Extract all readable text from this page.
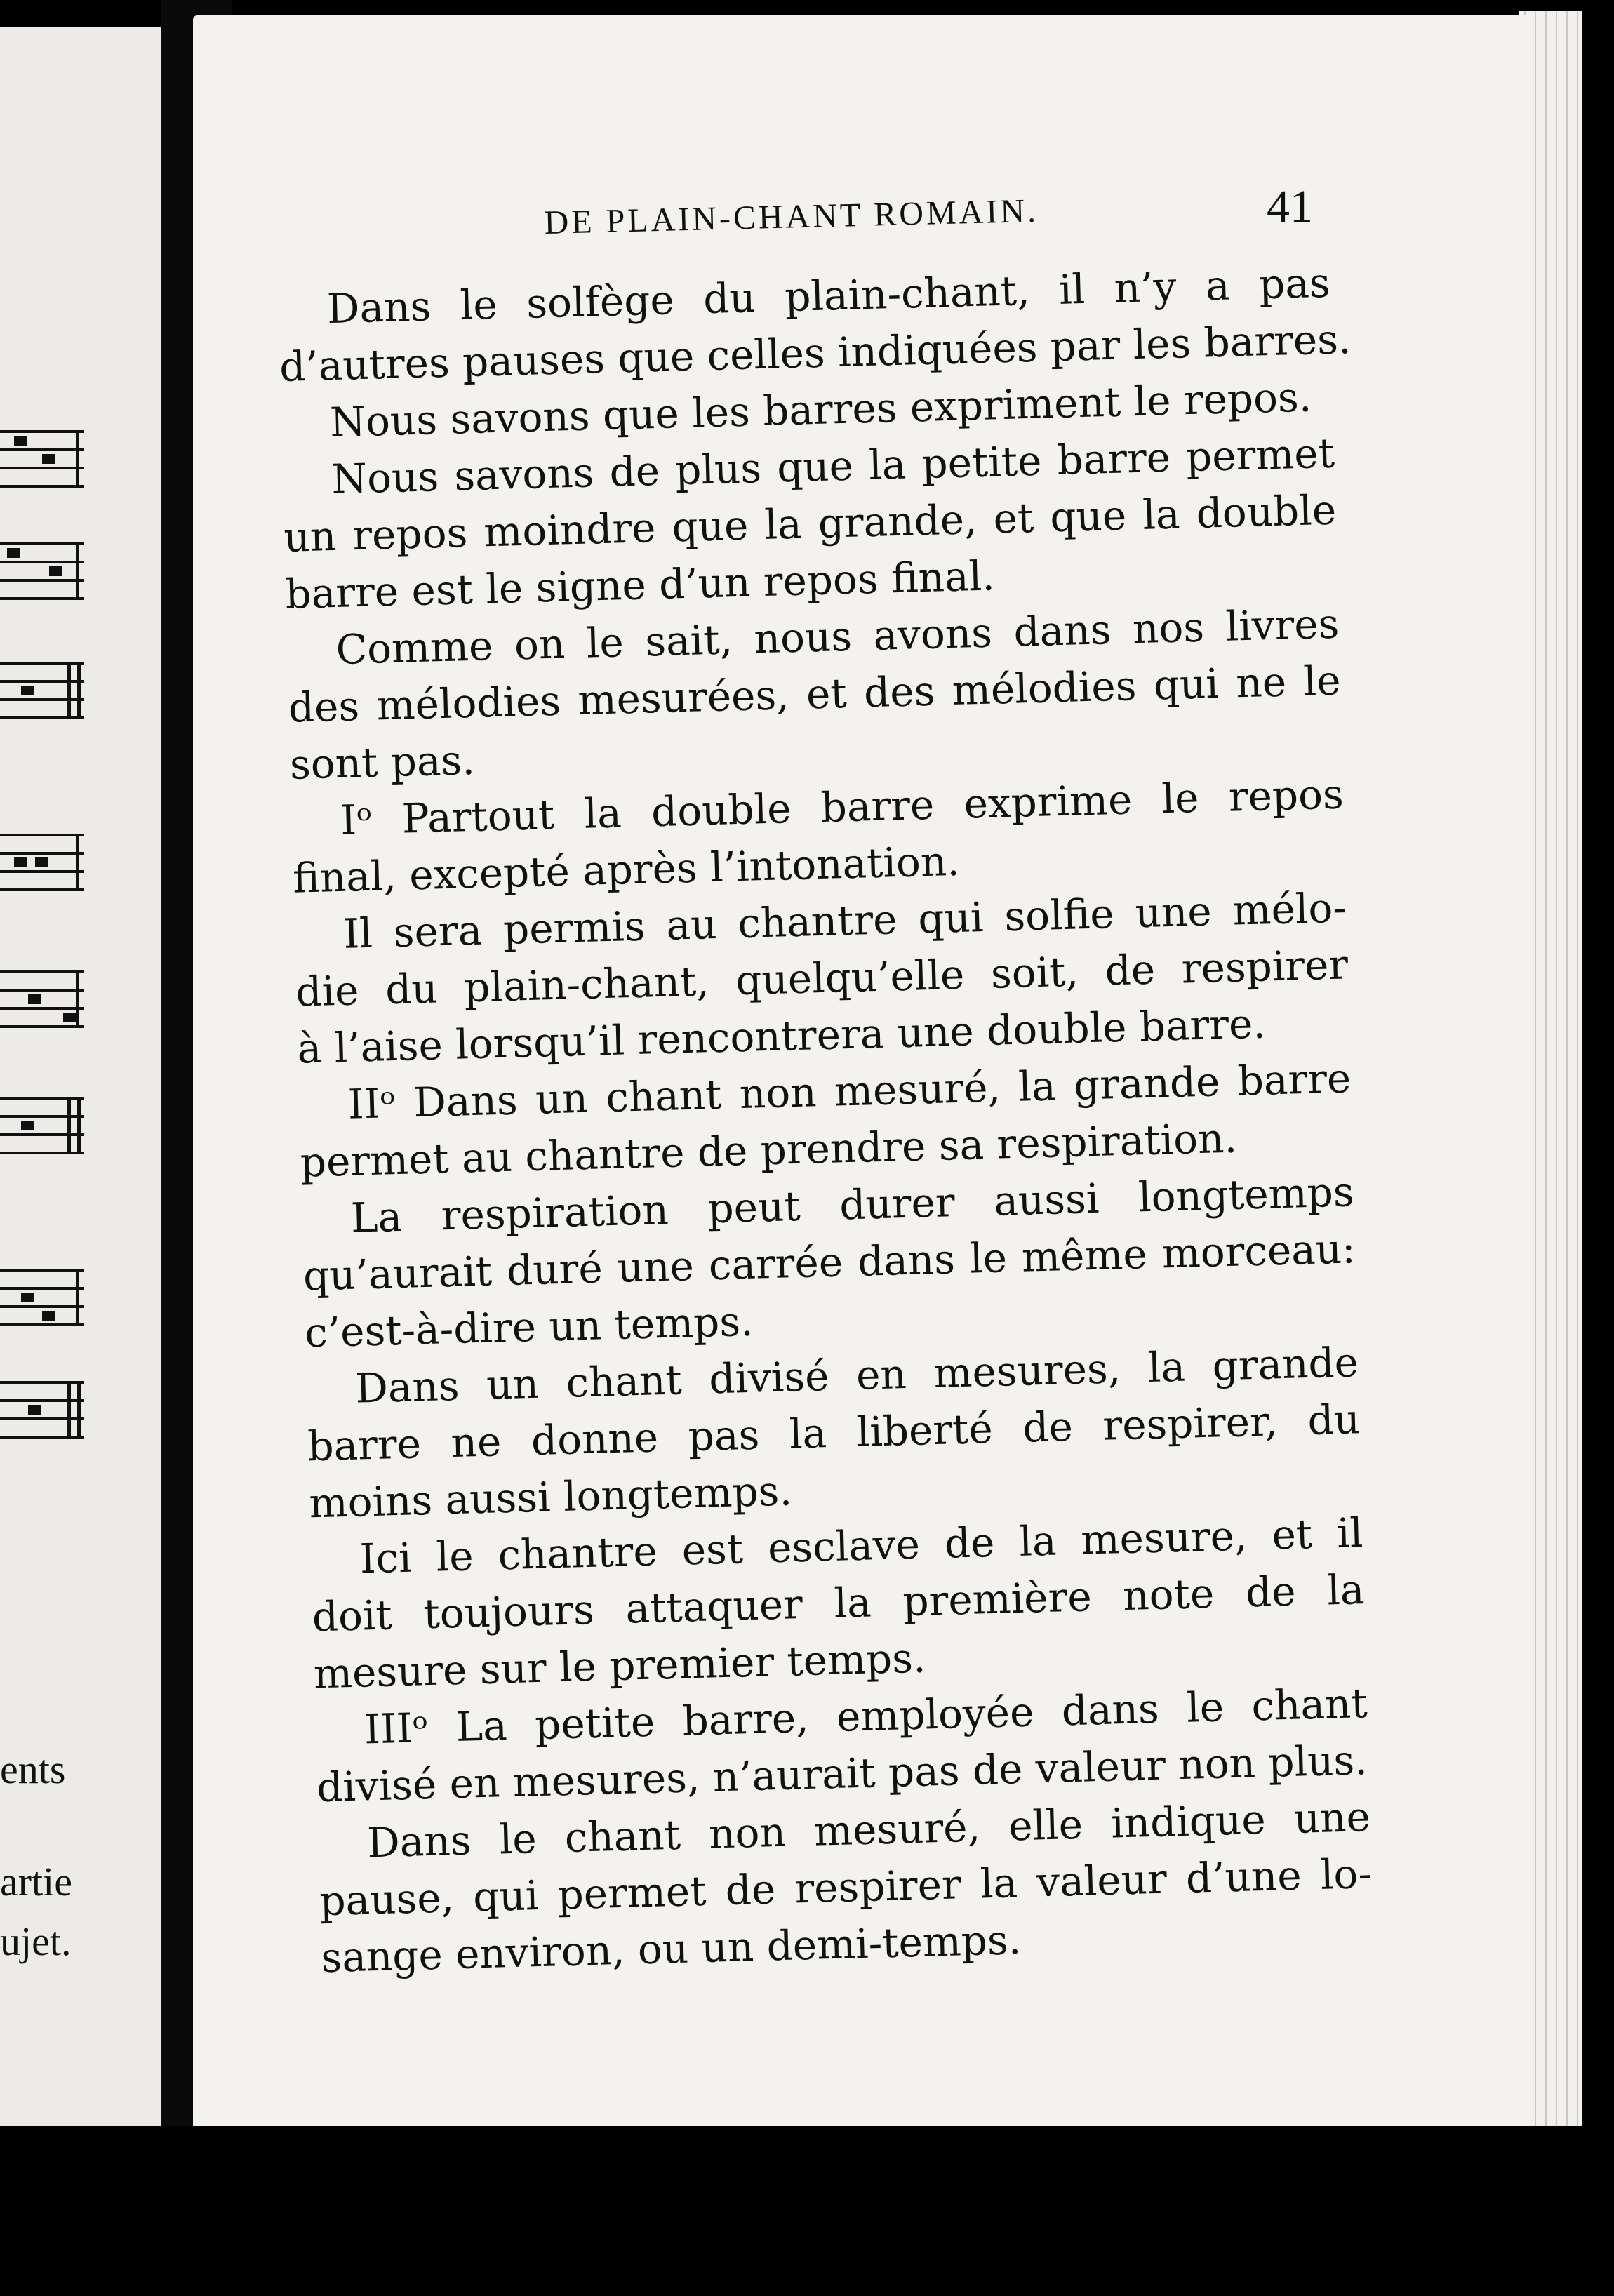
ents
artie
ujet.
DE PLAIN-CHANT ROMAIN.	41
Dans le solfège du plain-chant, il n’y a pas
d’autres pauses que celles indiquées par les barres.
Nous savons que les barres expriment le repos.
Nous savons de plus que la petite barre permet
un repos moindre que la grande, et que la double
barre est le signe d’un repos final.
Comme on le sait, nous avons dans nos livres
des mélodies mesurées, et des mélodies qui ne le
sont pas.
Iᵒ Partout la double barre exprime le repos
final, excepté après l’intonation.
Il sera permis au chantre qui solfie une mélo-
die du plain-chant, quelqu’elle soit, de respirer
à l’aise lorsqu’il rencontrera une double barre.
IIᵒ Dans un chant non mesuré, la grande barre
permet au chantre de prendre sa respiration.
La respiration peut durer aussi longtemps
qu’aurait duré une carrée dans le même morceau:
c’est-à-dire un temps.
Dans un chant divisé en mesures, la grande
barre ne donne pas la liberté de respirer, du
moins aussi longtemps.
Ici le chantre est esclave de la mesure, et il
doit toujours attaquer la première note de la
mesure sur le premier temps.
IIIᵒ La petite barre, employée dans le chant
divisé en mesures, n’aurait pas de valeur non plus.
Dans le chant non mesuré, elle indique une
pause, qui permet de respirer la valeur d’une lo-
sange environ, ou un demi-temps.
